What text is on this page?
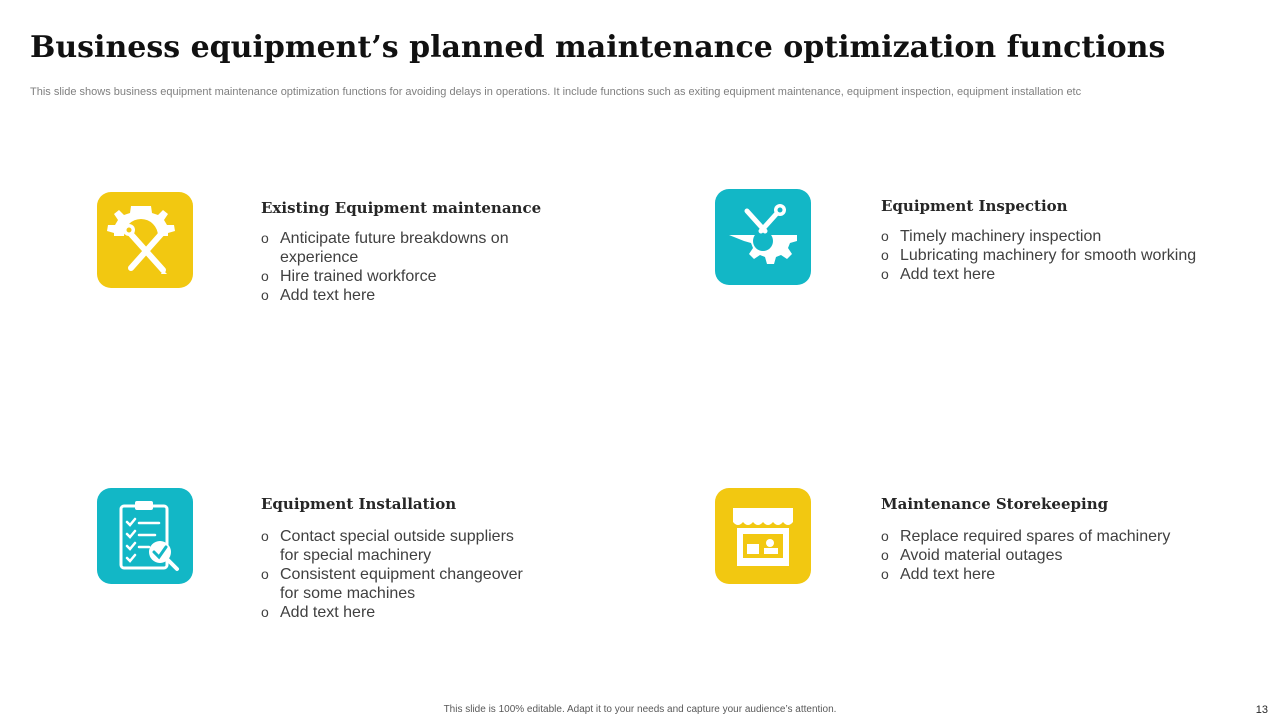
Business equipment’s planned maintenance optimization functions
This slide shows business equipment maintenance optimization functions for avoiding delays in operations. It include functions such as exiting equipment maintenance, equipment inspection, equipment installation etc
Existing Equipment maintenance
o Anticipate future breakdowns on experience
o Hire trained workforce
o Add text here
Equipment Inspection
o Timely machinery inspection
o Lubricating machinery for smooth working
o Add text here
Equipment Installation
o Contact special outside suppliers for special machinery
o Consistent equipment changeover for some machines
o Add text here
Maintenance Storekeeping
o Replace required spares of machinery
o Avoid material outages
o Add text here
This slide is 100% editable. Adapt it to your needs and capture your audience’s attention.	13
